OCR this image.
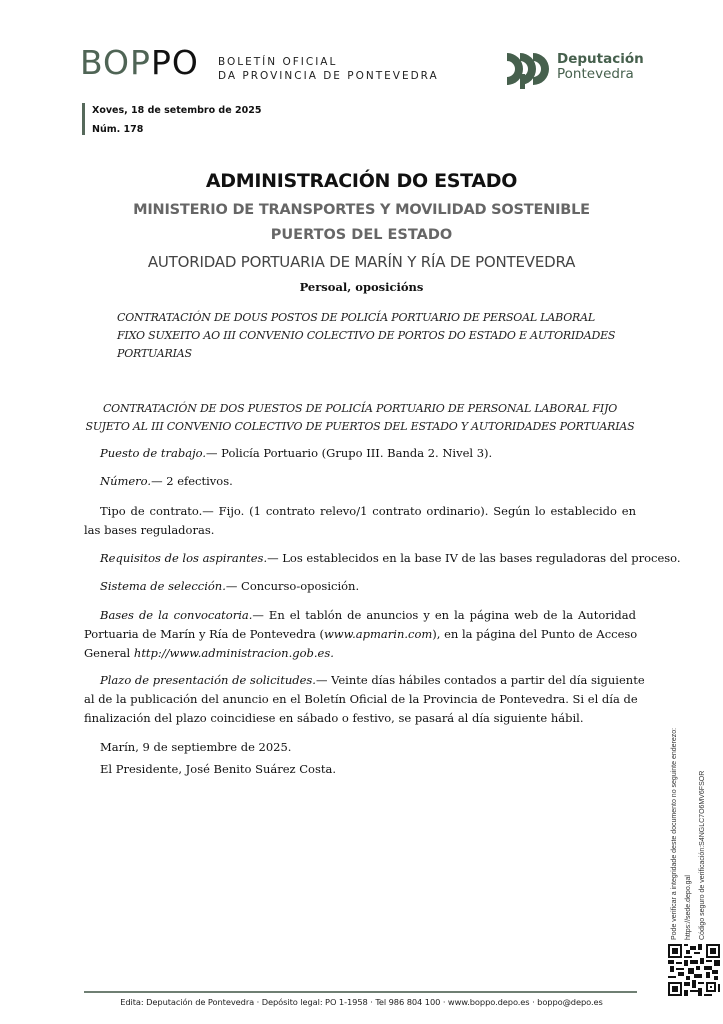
BOPPO BOLETÍN OFICIAL
DA PROVINCIA DE PONTEVEDRA
Deputación
Pontevedra
Xoves, 18 de setembro de 2025
Núm. 178
ADMINISTRACIÓN DO ESTADO
MINISTERIO DE TRANSPORTES Y MOVILIDAD SOSTENIBLE
PUERTOS DEL ESTADO
AUTORIDAD PORTUARIA DE MARÍN Y RÍA DE PONTEVEDRA
Persoal, oposicións
CONTRATACIÓN DE DOUS POSTOS DE POLICÍA PORTUARIO DE PERSOAL LABORAL
FIXO SUXEITO AO III CONVENIO COLECTIVO DE PORTOS DO ESTADO E AUTORIDADES
PORTUARIAS
CONTRATACIÓN DE DOS PUESTOS DE POLICÍA PORTUARIO DE PERSONAL LABORAL FIJO
SUJETO AL III CONVENIO COLECTIVO DE PUERTOS DEL ESTADO Y AUTORIDADES PORTUARIAS
Puesto de trabajo.— Policía Portuario (Grupo III. Banda 2. Nivel 3).
Número.— 2 efectivos.
Tipo de contrato.— Fijo. (1 contrato relevo/1 contrato ordinario). Según lo establecido en
las bases reguladoras.
Requisitos de los aspirantes.— Los establecidos en la base IV de las bases reguladoras del proceso.
Sistema de selección.— Concurso-oposición.
Bases de la convocatoria.— En el tablón de anuncios y en la página web de la Autoridad
Portuaria de Marín y Ría de Pontevedra (www.apmarin.com), en la página del Punto de Acceso
General http://www.administracion.gob.es.
Plazo de presentación de solicitudes.— Veinte días hábiles contados a partir del día siguiente
al de la publicación del anuncio en el Boletín Oficial de la Provincia de Pontevedra. Si el día de
finalización del plazo coincidiese en sábado o festivo, se pasará al día siguiente hábil.
Marín, 9 de septiembre de 2025.
El Presidente, José Benito Suárez Costa.	Pode verificar a integridade deste documento no seguinte enderezo:	https://sede.depo.gal	Código seguro de verificación:S4NGLC7O6MV6FSOR
Edita: Deputación de Pontevedra · Depósito legal: PO 1-1958 · Tel 986 804 100 · www.boppo.depo.es · boppo@depo.es
